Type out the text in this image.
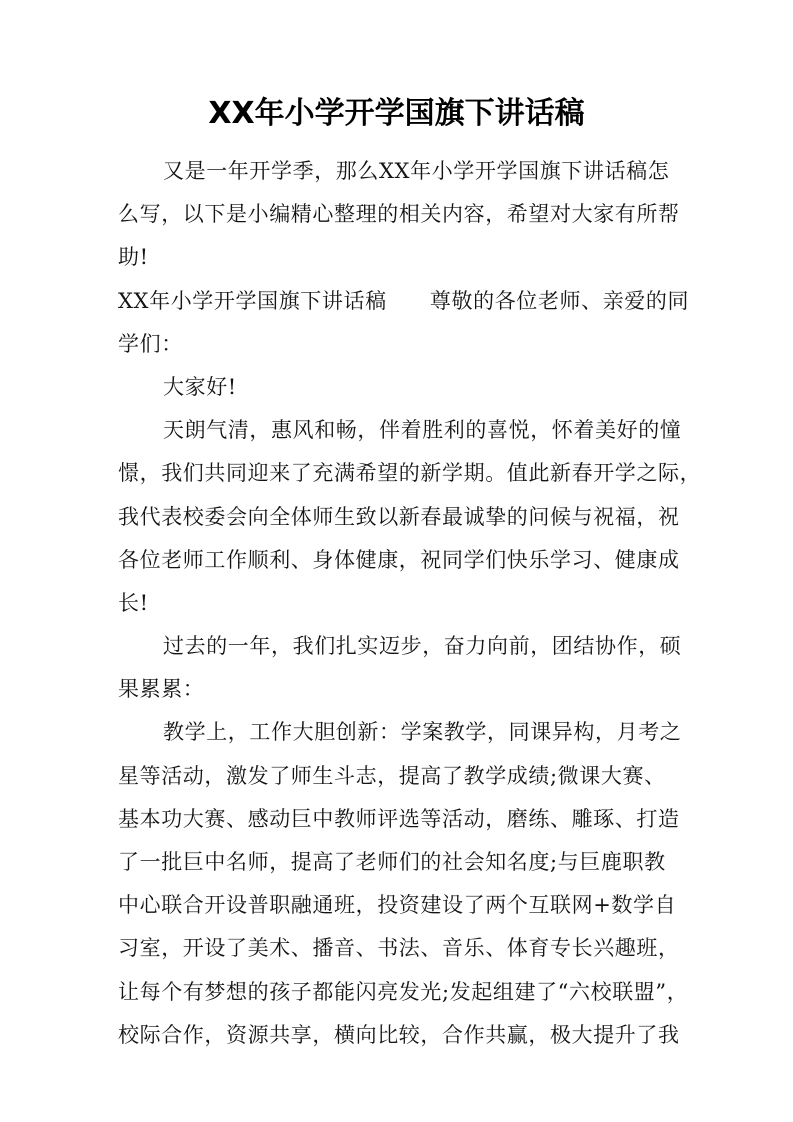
XX年小学开学国旗下讲话稿
又是一年开学季，那么XX年小学开学国旗下讲话稿怎
么写，以下是小编精心整理的相关内容，希望对大家有所帮
助!
XX年小学开学国旗下讲话稿　　尊敬的各位老师、亲爱的同
学们：
大家好!
天朗气清，惠风和畅，伴着胜利的喜悦，怀着美好的憧
憬，我们共同迎来了充满希望的新学期。值此新春开学之际，
我代表校委会向全体师生致以新春最诚挚的问候与祝福，祝
各位老师工作顺利、身体健康，祝同学们快乐学习、健康成
长!
过去的一年，我们扎实迈步，奋力向前，团结协作，硕
果累累：
教学上，工作大胆创新：学案教学，同课异构，月考之
星等活动，激发了师生斗志，提高了教学成绩;微课大赛、
基本功大赛、感动巨中教师评选等活动，磨练、雕琢、打造
了一批巨中名师，提高了老师们的社会知名度;与巨鹿职教
中心联合开设普职融通班，投资建设了两个互联网+数学自
习室，开设了美术、播音、书法、音乐、体育专长兴趣班，
让每个有梦想的孩子都能闪亮发光;发起组建了“六校联盟”，
校际合作，资源共享，横向比较，合作共赢，极大提升了我
